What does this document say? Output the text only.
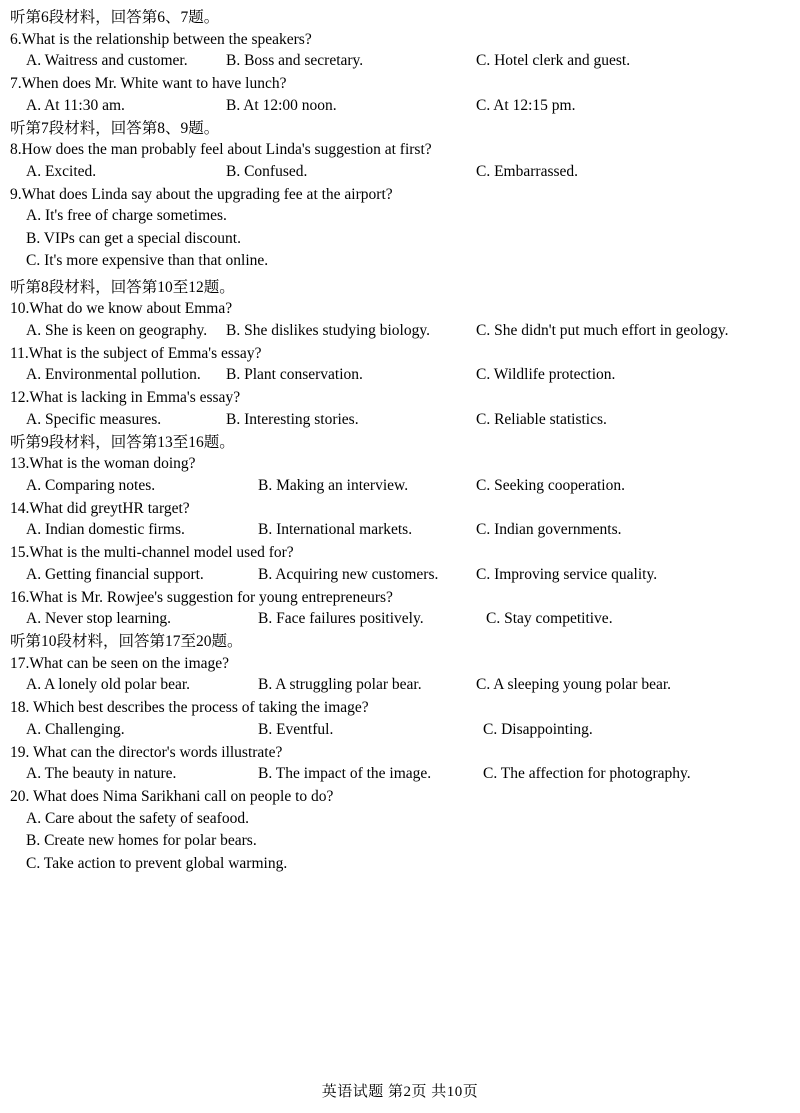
听第6段材料，回答第6、7题。
6.What is the relationship between the speakers?
A. Waitress and customer. B. Boss and secretary.	C. Hotel clerk and guest.
7.When does Mr. White want to have lunch?
A. At 11:30 am.	B. At 12:00 noon.	C. At 12:15 pm.
听第7段材料，回答第8、9题。
8.How does the man probably feel about Linda's suggestion at first?
A. Excited.	B. Confused.	C. Embarrassed.
9.What does Linda say about the upgrading fee at the airport?
A. It's free of charge sometimes.
B. VIPs can get a special discount.
C. It's more expensive than that online.
听第8段材料，回答第10至12题。
10.What do we know about Emma?
A. She is keen on geography. B. She dislikes studying biology.	C. She didn't put much effort in geology.
11.What is the subject of Emma's essay?
A. Environmental pollution. B. Plant conservation.	C. Wildlife protection.
12.What is lacking in Emma's essay?
A. Specific measures.	B. Interesting stories.	C. Reliable statistics.
听第9段材料，回答第13至16题。
13.What is the woman doing?
A. Comparing notes.	B. Making an interview.	C. Seeking cooperation.
14.What did greytHR target?
A. Indian domestic firms.	B. International markets.	C. Indian governments.
15.What is the multi-channel model used for?
A. Getting financial support.	B. Acquiring new customers. C. Improving service quality.
16.What is Mr. Rowjee's suggestion for young entrepreneurs?
A. Never stop learning.	B. Face failures positively.	C. Stay competitive.
听第10段材料，回答第17至20题。
17.What can be seen on the image?
A. A lonely old polar bear.	B. A struggling polar bear.	C. A sleeping young polar bear.
18. Which best describes the process of taking the image?
A. Challenging.	B. Eventful.	C. Disappointing.
19. What can the director's words illustrate?
A. The beauty in nature.	B. The impact of the image.	C. The affection for photography.
20. What does Nima Sarikhani call on people to do?
A. Care about the safety of seafood.
B. Create new homes for polar bears.
C. Take action to prevent global warming.
英语试题 第2页 共10页
